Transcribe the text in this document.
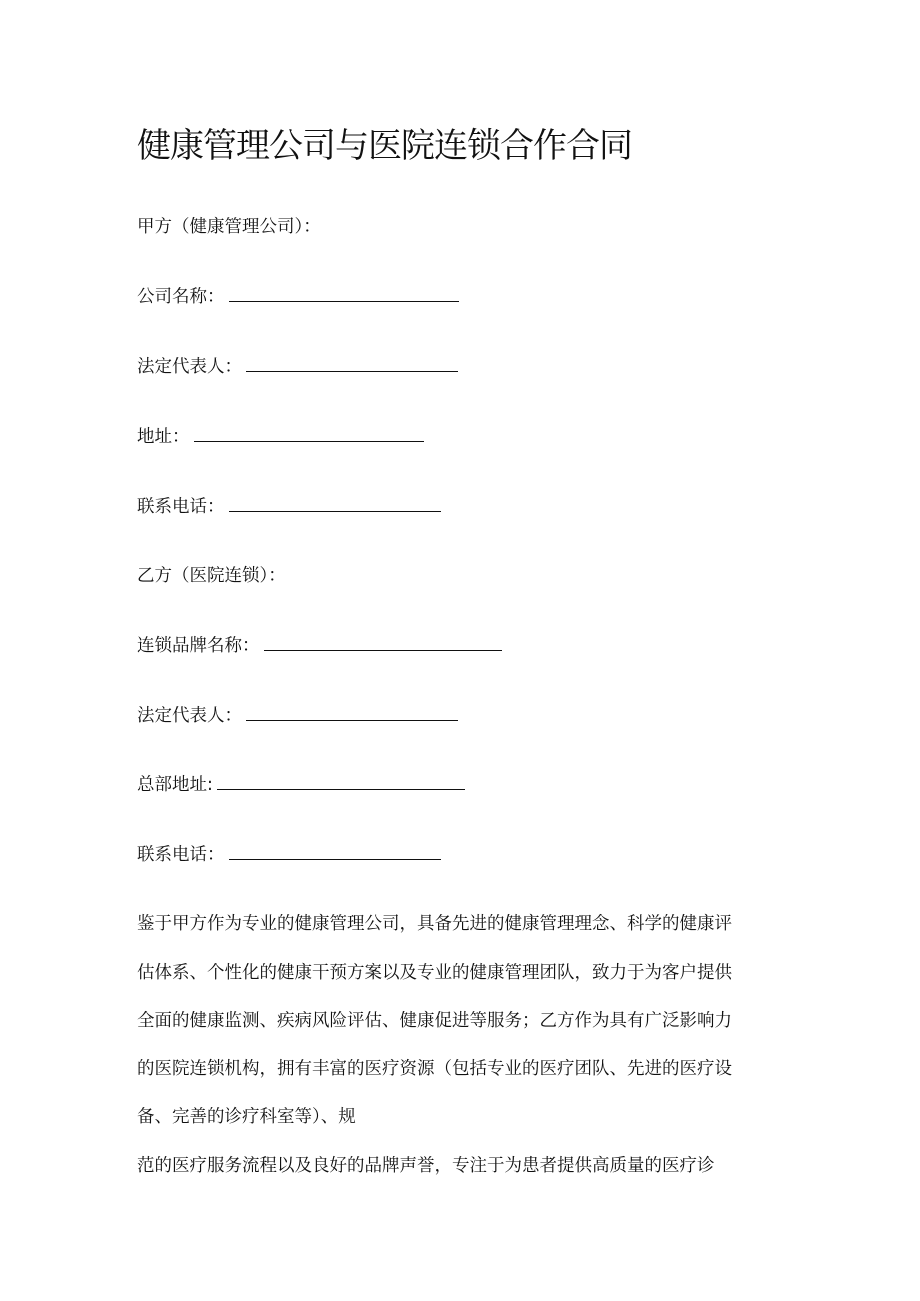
健康管理公司与医院连锁合作合同
甲方（健康管理公司）：
公司名称：
法定代表人：
地址：
联系电话：
乙方（医院连锁）：
连锁品牌名称：
法定代表人：
总部地址:
联系电话：
鉴于甲方作为专业的健康管理公司，具备先进的健康管理理念、科学的健康评
估体系、个性化的健康干预方案以及专业的健康管理团队，致力于为客户提供
全面的健康监测、疾病风险评估、健康促进等服务；乙方作为具有广泛影响力
的医院连锁机构，拥有丰富的医疗资源（包括专业的医疗团队、先进的医疗设
备、完善的诊疗科室等）、规
范的医疗服务流程以及良好的品牌声誉，专注于为患者提供高质量的医疗诊
